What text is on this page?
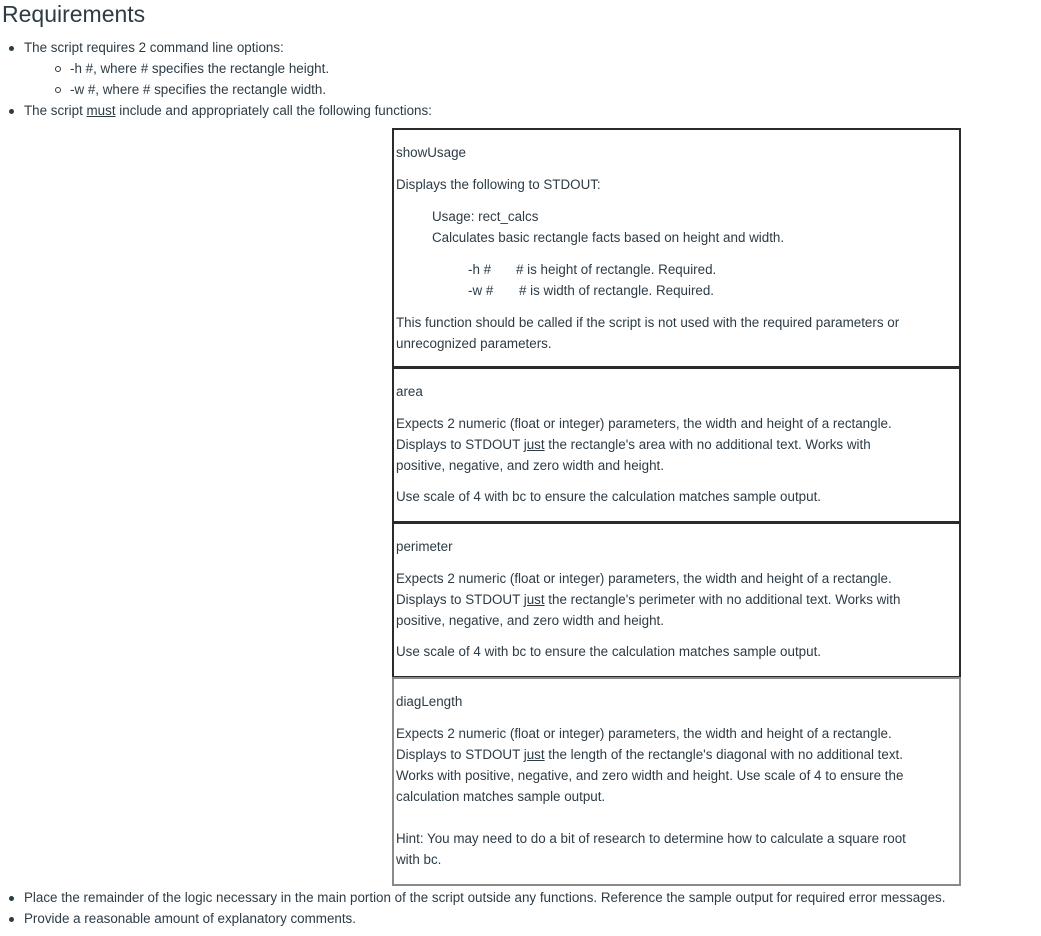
Requirements
The script requires 2 command line options:
-h #, where # specifies the rectangle height.
-w #, where # specifies the rectangle width.
The script must include and appropriately call the following functions:

showUsage

Displays the following to STDOUT:

Usage: rect_calcs

Calculates basic rectangle facts based on height and width.

-h #	# is height of rectangle. Required.
-w #	# is width of rectangle. Required.

This function should be called if the script is not used with the required parameters or

unrecognized parameters.

area

Expects 2 numeric (float or integer) parameters, the width and height of a rectangle.

Displays to STDOUT just the rectangle's area with no additional text. Works with

positive, negative, and zero width and height.

Use scale of 4 with bc to ensure the calculation matches sample output.

perimeter

Expects 2 numeric (float or integer) parameters, the width and height of a rectangle.

Displays to STDOUT just the rectangle's perimeter with no additional text. Works with

positive, negative, and zero width and height.

Use scale of 4 with bc to ensure the calculation matches sample output.

diagLength

Expects 2 numeric (float or integer) parameters, the width and height of a rectangle.

Displays to STDOUT just the length of the rectangle's diagonal with no additional text.

Works with positive, negative, and zero width and height. Use scale of 4 to ensure the

calculation matches sample output.

Hint: You may need to do a bit of research to determine how to calculate a square root

with bc.

Place the remainder of the logic necessary in the main portion of the script outside any functions. Reference the sample output for required error messages.
Provide a reasonable amount of explanatory comments.
